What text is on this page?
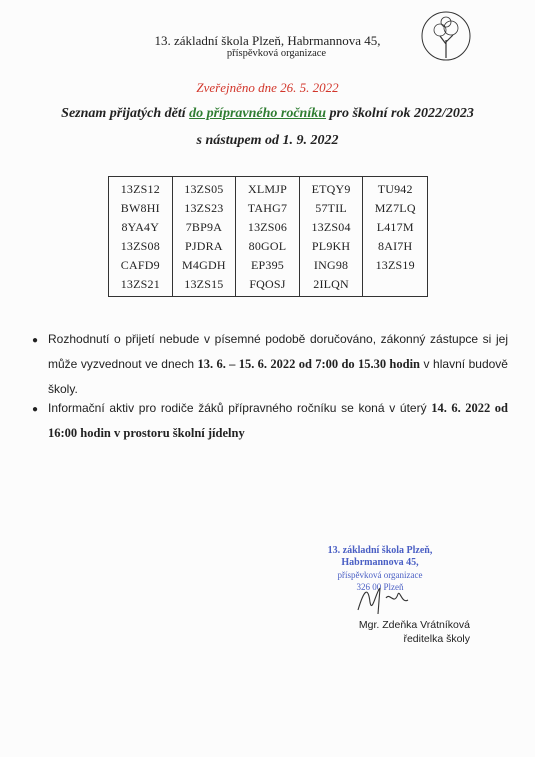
13. základní škola Plzeň, Habrmannova 45,
příspěvková organizace
Zveřejněno dne 26. 5. 2022
Seznam přijatých dětí do přípravného ročníku pro školní rok 2022/2023
s nástupem od 1. 9. 2022
13ZS12
BW8HI
8YA4Y
13ZS08
CAFD9
13ZS21
13ZS05
13ZS23
7BP9A
PJDRA
M4GDH
13ZS15
XLMJP
TAHG7
13ZS06
80GOL
EP395
FQOSJ
ETQY9
57TIL
13ZS04
PL9KH
ING98
2ILQN
TU942
MZ7LQ
L417M
8AI7H
13ZS19
● Rozhodnutí o přijetí nebude v písemné podobě doručováno, zákonný zástupce si jej může vyzvednout ve dnech 13. 6. – 15. 6. 2022 od 7:00 do 15.30 hodin v hlavní budově školy.
● Informační aktiv pro rodiče žáků přípravného ročníku se koná v úterý 14. 6. 2022 od 16:00 hodin v prostoru školní jídelny
13. základní škola Plzeň,
Habrmannova 45,
příspěvková organizace
326 00 Plzeň
Mgr. Zdeňka Vrátníková
ředitelka školy
